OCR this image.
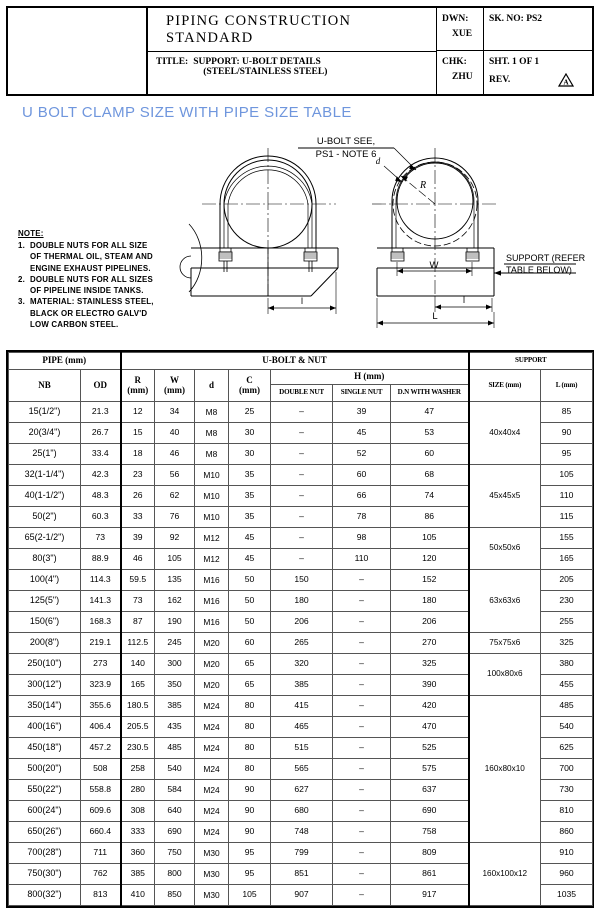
PIPING CONSTRUCTION STANDARD
TITLE: SUPPORT: U-BOLT DETAILS
(STEEL/STAINLESS STEEL)
DWN:
XUE
CHK:
ZHU
SK. NO: PS2
SHT. 1 OF 1
REV.	A
U BOLT CLAMP SIZE WITH PIPE SIZE TABLE
l
R
d
W
l
L
U-BOLT SEE,
PS1 - NOTE 6
SUPPORT (REFER
TABLE BELOW)
NOTE:
1. DOUBLE NUTS FOR ALL SIZE
OF THERMAL OIL, STEAM AND
ENGINE EXHAUST PIPELINES.
2. DOUBLE NUTS FOR ALL SIZES
OF PIPELINE INSIDE TANKS.
3. MATERIAL: STAINLESS STEEL,
BLACK OR ELECTRO GALV'D
LOW CARBON STEEL.
PIPE (mm)		U-BOLT & NUT							SUPPORT	
NB	OD	R
(mm)	W
(mm)	d	C
(mm)	H (mm)			SIZE (mm)	L (mm)
						DOUBLE NUT	SINGLE NUT	D.N WITH WASHER		
15(1/2")	21.3	12	34	M8	25	–	39	47	40x40x4	85
20(3/4")	26.7	15	40	M8	30	–	45	53		90
25(1")	33.4	18	46	M8	30	–	52	60		95
32(1-1/4")	42.3	23	56	M10	35	–	60	68	45x45x5	105
40(1-1/2")	48.3	26	62	M10	35	–	66	74		110
50(2")	60.3	33	76	M10	35	–	78	86		115
65(2-1/2")	73	39	92	M12	45	–	98	105	50x50x6	155
80(3")	88.9	46	105	M12	45	–	110	120		165
100(4")	114.3	59.5	135	M16	50	150	–	152	63x63x6	205
125(5")	141.3	73	162	M16	50	180	–	180		230
150(6")	168.3	87	190	M16	50	206	–	206		255
200(8")	219.1	112.5	245	M20	60	265	–	270	75x75x6	325
250(10")	273	140	300	M20	65	320	–	325	100x80x6	380
300(12")	323.9	165	350	M20	65	385	–	390		455
350(14")	355.6	180.5	385	M24	80	415	–	420	160x80x10	485
400(16")	406.4	205.5	435	M24	80	465	–	470		540
450(18")	457.2	230.5	485	M24	80	515	–	525		625
500(20")	508	258	540	M24	80	565	–	575		700
550(22")	558.8	280	584	M24	90	627	–	637		730
600(24")	609.6	308	640	M24	90	680	–	690		810
650(26")	660.4	333	690	M24	90	748	–	758		860
700(28")	711	360	750	M30	95	799	–	809	160x100x12	910
750(30")	762	385	800	M30	95	851	–	861		960
800(32")	813	410	850	M30	105	907	–	917		1035
